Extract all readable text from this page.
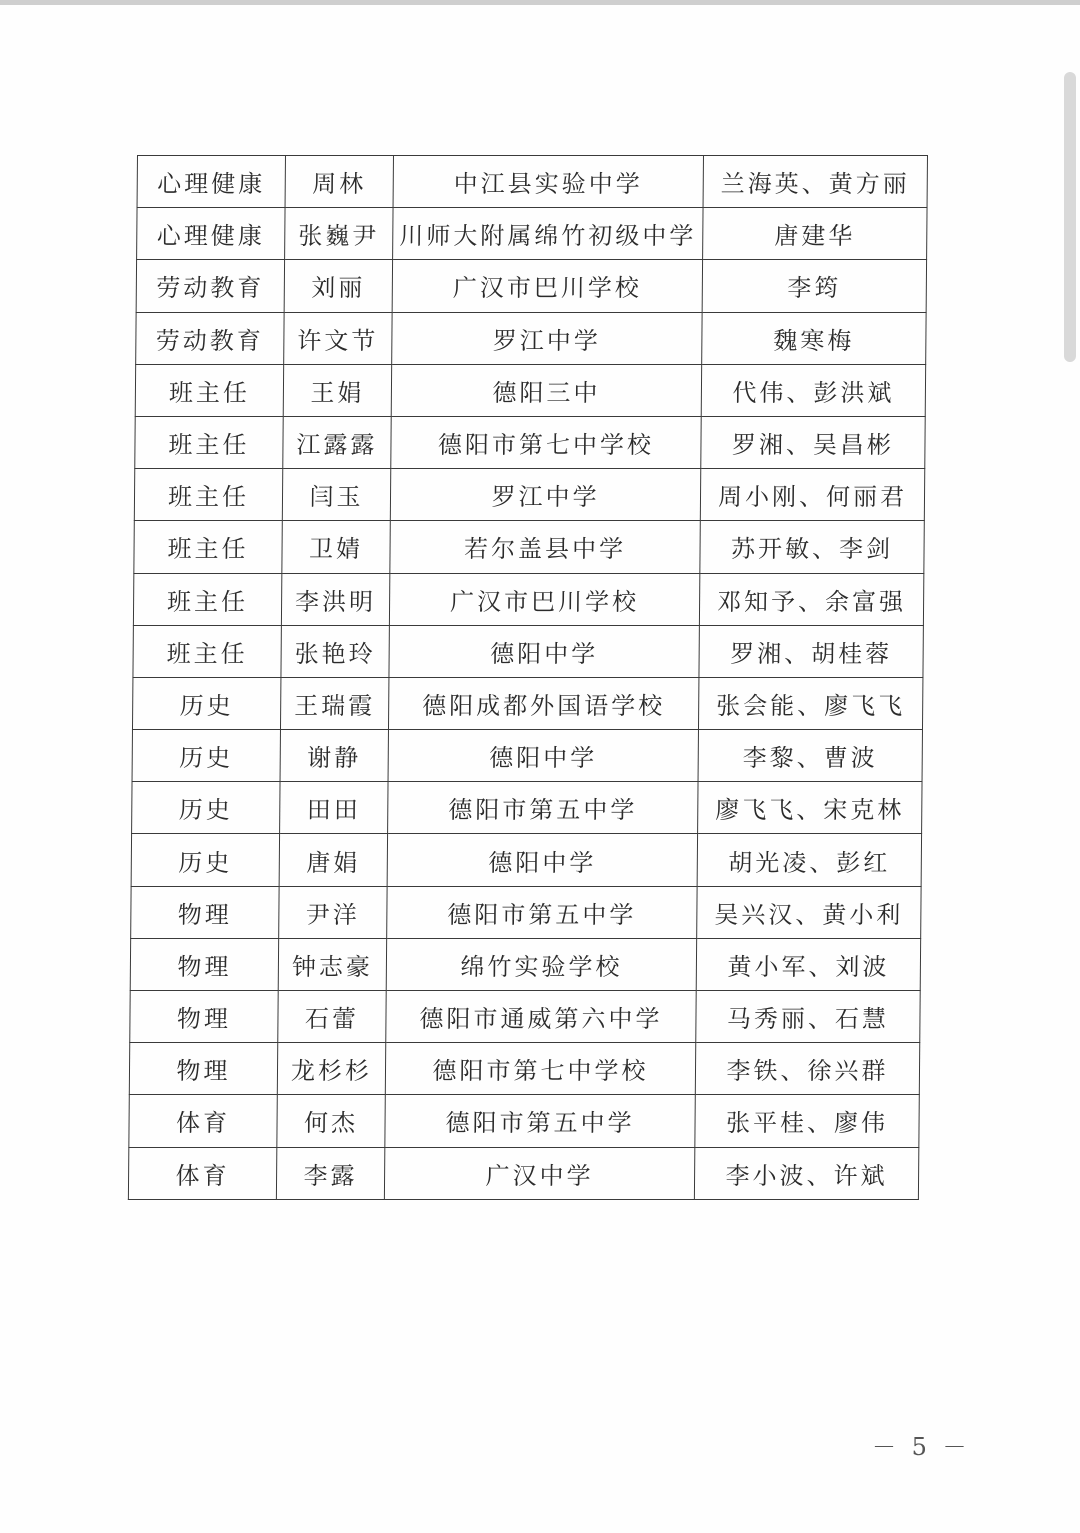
心理健康	周林	中江县实验中学	兰海英、黄方丽
心理健康	张巍尹	川师大附属绵竹初级中学	唐建华
劳动教育	刘丽	广汉市巴川学校	李筠
劳动教育	许文节	罗江中学	魏寒梅
班主任	王娟	德阳三中	代伟、彭洪斌
班主任	江露露	德阳市第七中学校	罗湘、吴昌彬
班主任	闫玉	罗江中学	周小刚、何丽君
班主任	卫婧	若尔盖县中学	苏开敏、李剑
班主任	李洪明	广汉市巴川学校	邓知予、余富强
班主任	张艳玲	德阳中学	罗湘、胡桂蓉
历史	王瑞霞	德阳成都外国语学校	张会能、廖飞飞
历史	谢静	德阳中学	李黎、曹波
历史	田田	德阳市第五中学	廖飞飞、宋克林
历史	唐娟	德阳中学	胡光凌、彭红
物理	尹洋	德阳市第五中学	吴兴汉、黄小利
物理	钟志豪	绵竹实验学校	黄小军、刘波
物理	石蕾	德阳市通威第六中学	马秀丽、石慧
物理	龙杉杉	德阳市第七中学校	李铁、徐兴群
体育	何杰	德阳市第五中学	张平桂、廖伟
体育	李露	广汉中学	李小波、许斌
－ 5 －
